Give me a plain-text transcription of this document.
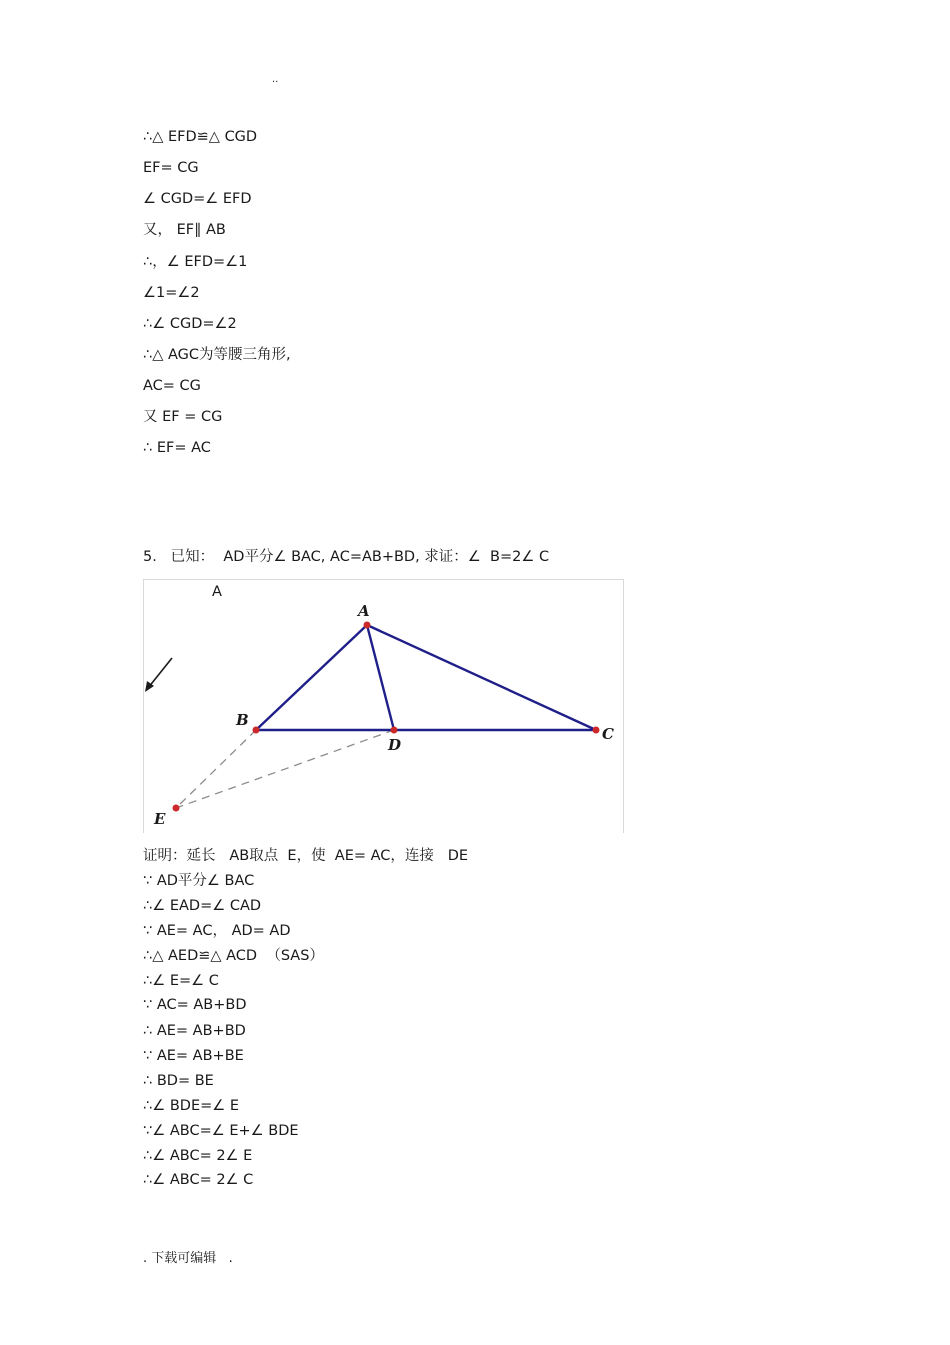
..
∴△ EFD≌△ CGD
EF= CG
∠ CGD=∠ EFD
又， EF∥ AB
∴，∠ EFD=∠1
∠1=∠2
∴∠ CGD=∠2
∴△ AGC为等腰三角形,
AC= CG
又 EF = CG
∴ EF= AC
5.   已知：  AD平分∠ BAC, AC=AB+BD, 求证：∠  B=2∠ C
A
A
B
C
D
E
证明：延长   AB取点  E，使  AE= AC，连接   DE
∵ AD平分∠ BAC
∴∠ EAD=∠ CAD
∵ AE= AC， AD= AD
∴△ AED≌△ ACD  （SAS）
∴∠ E=∠ C
∵ AC= AB+BD
∴ AE= AB+BD
∵ AE= AB+BE
∴ BD= BE
∴∠ BDE=∠ E
∵∠ ABC=∠ E+∠ BDE
∴∠ ABC= 2∠ E
∴∠ ABC= 2∠ C
. 下载可编辑   .
